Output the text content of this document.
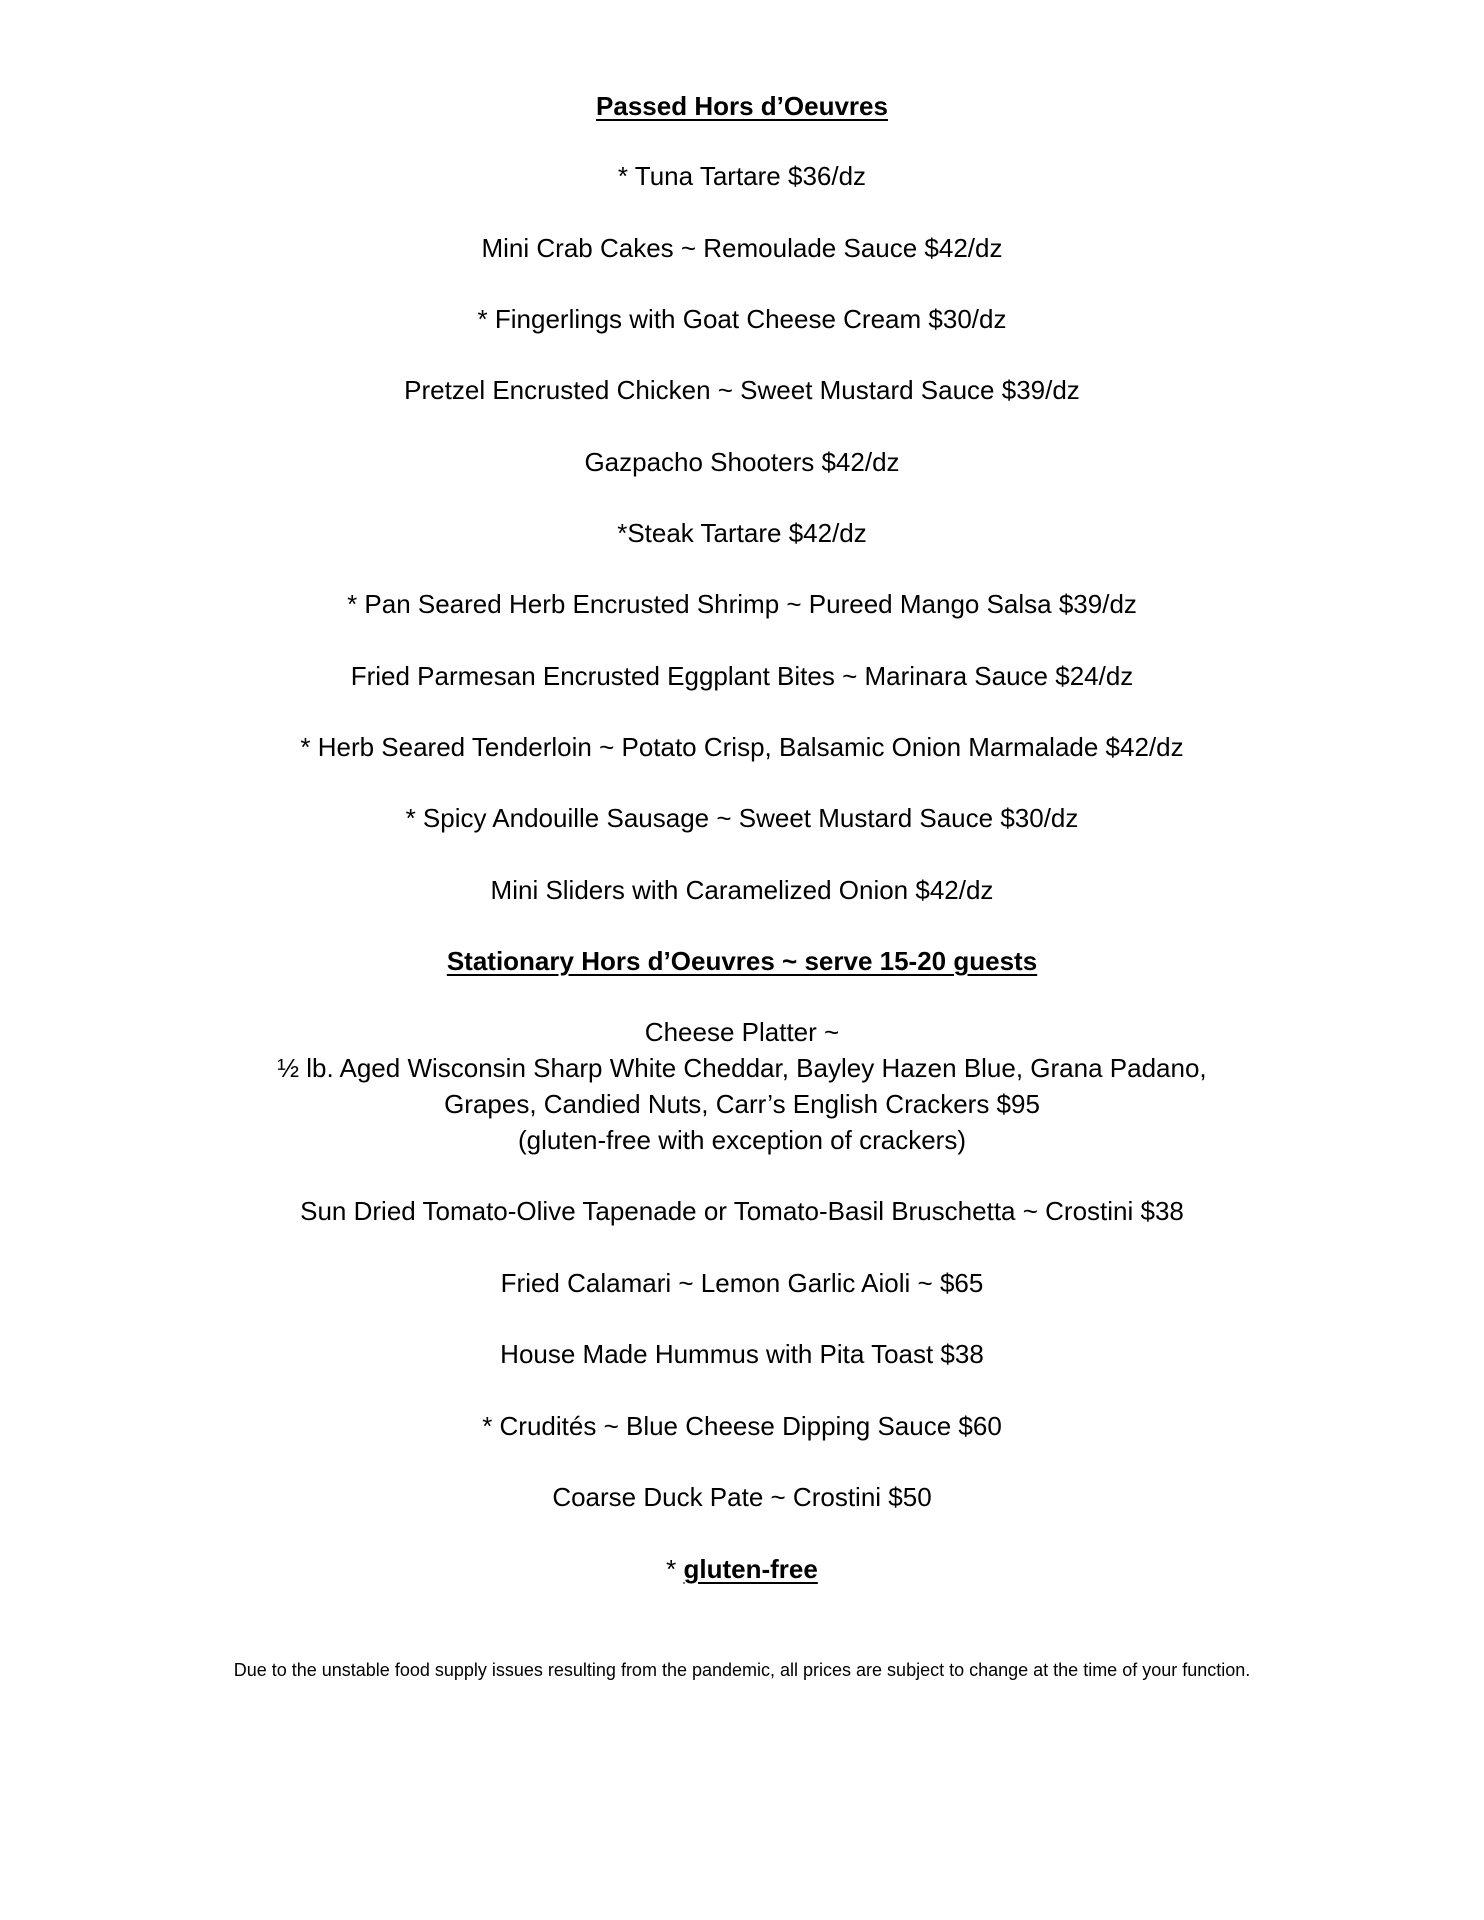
Passed Hors d’Oeuvres
* Tuna Tartare $36/dz
Mini Crab Cakes ~ Remoulade Sauce $42/dz
* Fingerlings with Goat Cheese Cream $30/dz
Pretzel Encrusted Chicken ~ Sweet Mustard Sauce $39/dz
Gazpacho Shooters $42/dz
*Steak Tartare $42/dz
* Pan Seared Herb Encrusted Shrimp ~ Pureed Mango Salsa $39/dz
Fried Parmesan Encrusted Eggplant Bites ~ Marinara Sauce $24/dz
* Herb Seared Tenderloin ~ Potato Crisp, Balsamic Onion Marmalade $42/dz
* Spicy Andouille Sausage ~ Sweet Mustard Sauce $30/dz
Mini Sliders with Caramelized Onion $42/dz
Stationary Hors d’Oeuvres ~ serve 15-20 guests
Cheese Platter ~
½ lb. Aged Wisconsin Sharp White Cheddar, Bayley Hazen Blue, Grana Padano,
Grapes, Candied Nuts, Carr’s English Crackers $95
(gluten-free with exception of crackers)
Sun Dried Tomato-Olive Tapenade or Tomato-Basil Bruschetta ~ Crostini $38
Fried Calamari ~ Lemon Garlic Aioli ~ $65
House Made Hummus with Pita Toast $38
* Crudités ~ Blue Cheese Dipping Sauce $60
Coarse Duck Pate ~ Crostini $50
* gluten-free
Due to the unstable food supply issues resulting from the pandemic, all prices are subject to change at the time of your function.
